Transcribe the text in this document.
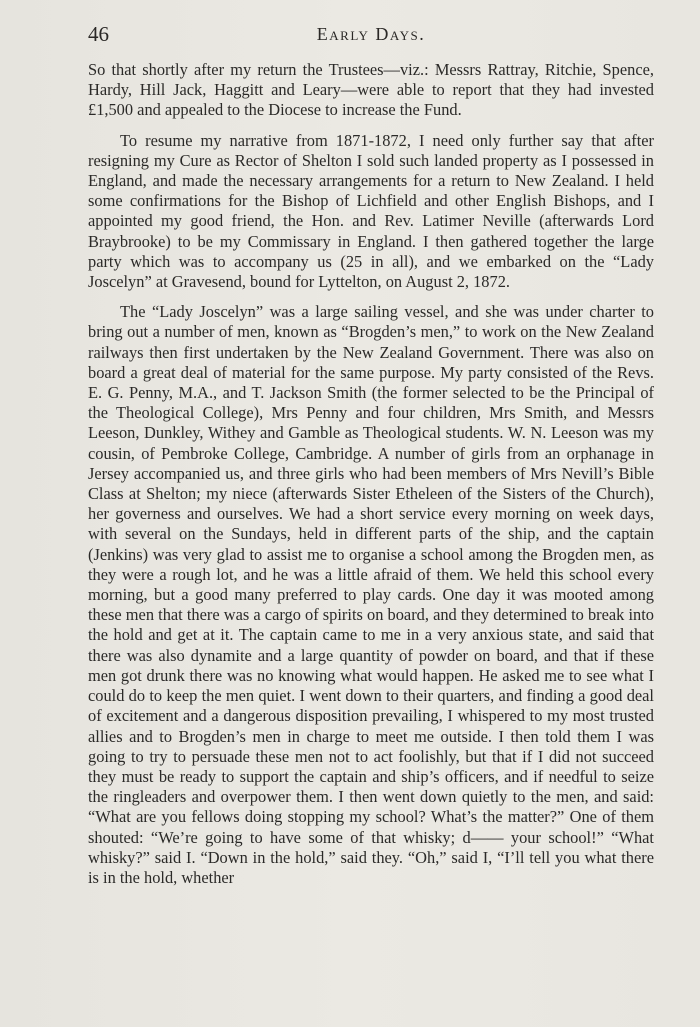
46	Early Days.

So that shortly after my return the Trustees—viz.: Messrs Rattray, Ritchie, Spence, Hardy, Hill Jack, Haggitt and Leary—were able to report that they had invested £1,500 and appealed to the Diocese to increase the Fund.

To resume my narrative from 1871-1872, I need only further say that after resigning my Cure as Rector of Shelton I sold such landed property as I possessed in England, and made the necessary arrangements for a return to New Zealand. I held some confirmations for the Bishop of Lichfield and other English Bishops, and I appointed my good friend, the Hon. and Rev. Latimer Neville (afterwards Lord Braybrooke) to be my Commissary in England. I then gathered together the large party which was to accompany us (25 in all), and we embarked on the “Lady Joscelyn” at Gravesend, bound for Lyttelton, on August 2, 1872.

The “Lady Joscelyn” was a large sailing vessel, and she was under charter to bring out a number of men, known as “Brogden’s men,” to work on the New Zealand railways then first undertaken by the New Zealand Government. There was also on board a great deal of material for the same purpose. My party consisted of the Revs. E. G. Penny, M.A., and T. Jackson Smith (the former selected to be the Principal of the Theological College), Mrs Penny and four children, Mrs Smith, and Messrs Leeson, Dunkley, Withey and Gamble as Theological students. W. N. Leeson was my cousin, of Pembroke College, Cambridge. A number of girls from an orphanage in Jersey accompanied us, and three girls who had been members of Mrs Nevill’s Bible Class at Shelton; my niece (afterwards Sister Etheleen of the Sisters of the Church), her governess and ourselves. We had a short service every morning on week days, with several on the Sundays, held in different parts of the ship, and the captain (Jenkins) was very glad to assist me to organise a school among the Brogden men, as they were a rough lot, and he was a little afraid of them. We held this school every morning, but a good many preferred to play cards. One day it was mooted among these men that there was a cargo of spirits on board, and they determined to break into the hold and get at it. The captain came to me in a very anxious state, and said that there was also dynamite and a large quantity of powder on board, and that if these men got drunk there was no knowing what would happen. He asked me to see what I could do to keep the men quiet. I went down to their quarters, and finding a good deal of excitement and a dangerous disposition prevailing, I whispered to my most trusted allies and to Brogden’s men in charge to meet me outside. I then told them I was going to try to persuade these men not to act foolishly, but that if I did not succeed they must be ready to support the captain and ship’s officers, and if needful to seize the ringleaders and overpower them. I then went down quietly to the men, and said: “What are you fellows doing stopping my school? What’s the matter?” One of them shouted: “We’re going to have some of that whisky; d—— your school!” “What whisky?” said I. “Down in the hold,” said they. “Oh,” said I, “I’ll tell you what there is in the hold, whether
